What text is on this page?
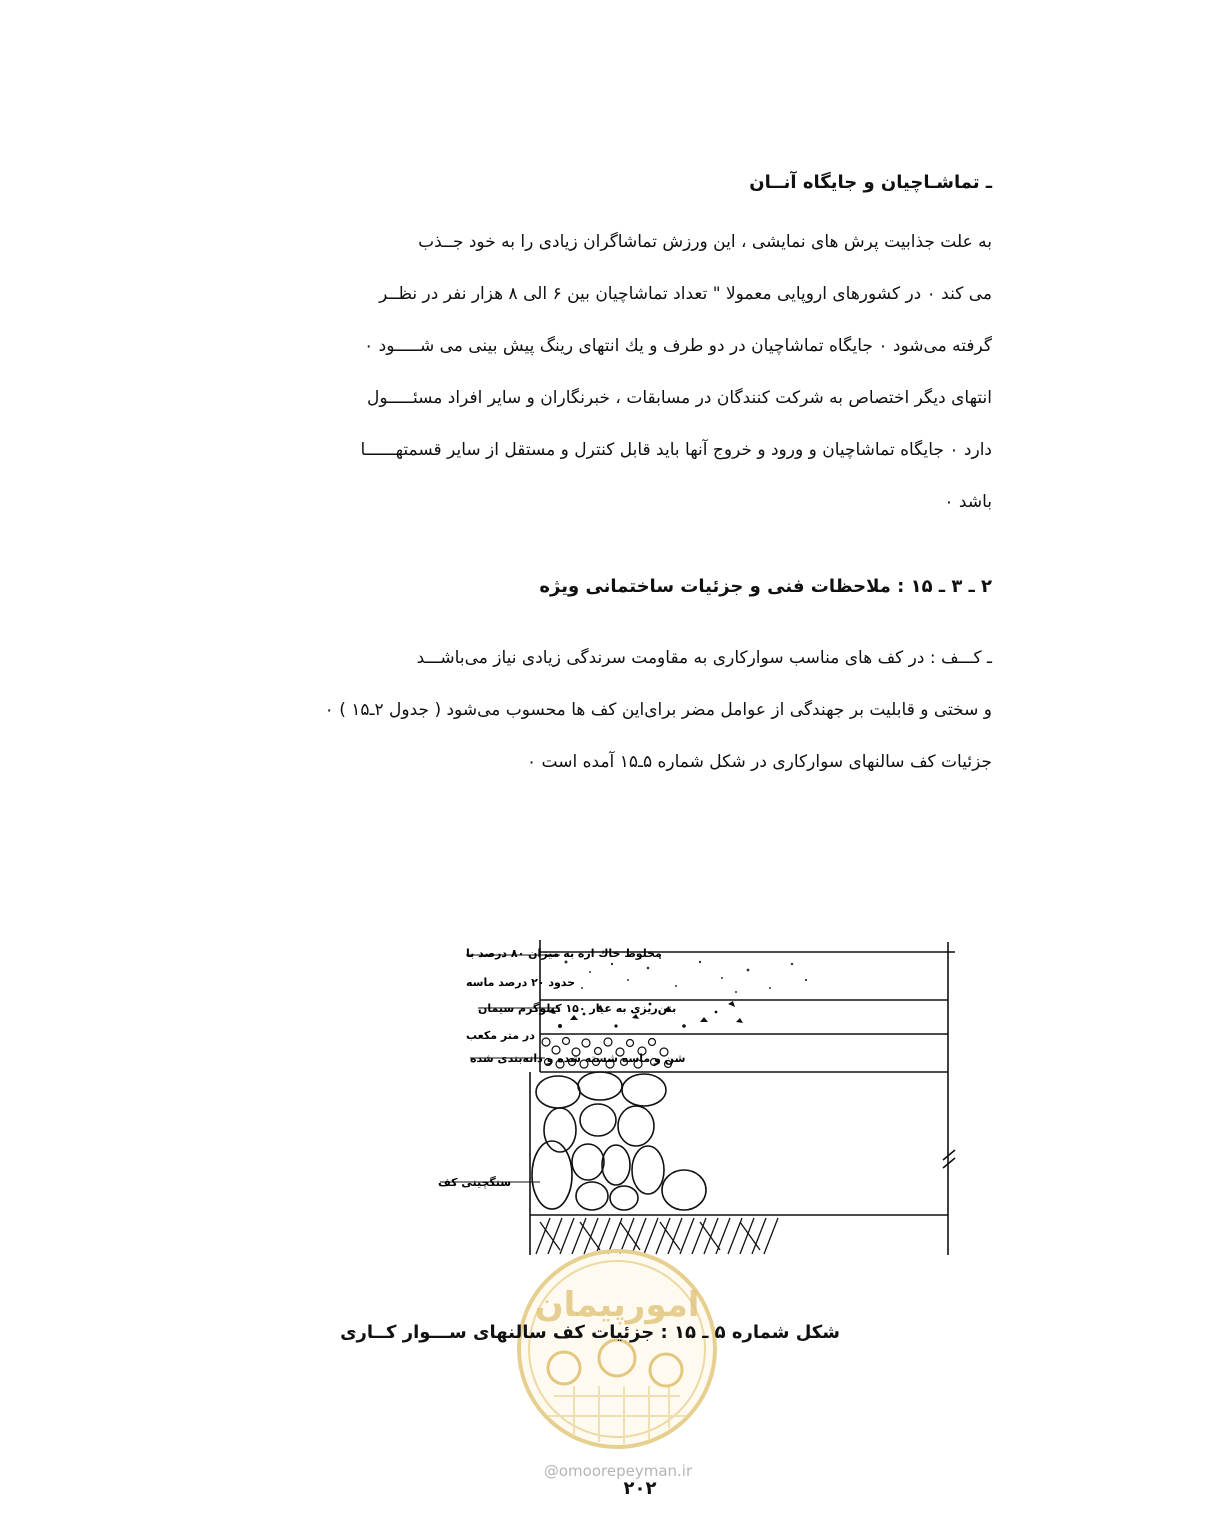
ـ تماشـاچيان و جايگاه آنــان
به علت جذابيت پرش های نمايشی ، اين ورزش تماشاگران زيادی را به خود جــذب
می کند ٠ در کشورهای اروپايی معمولا " تعداد تماشاچيان بين ۶ الی ۸ هزار نفر در نظــر
گرفته می‌شود ٠ جايگاه تماشاچيان در دو طرف و يك انتهای رينگ پيش بينی می شـــــود ٠
انتهای ديگر اختصاص به شرکت کنندگان در مسابقات ، خبرنگاران و ساير افراد مسئـــــول
دارد ٠ جايگاه تماشاچيان و ورود و خروج آنها بايد قابل کنترل و مستقل از ساير قسمتهــــــا
باشد ٠
۲ ـ ۳ ـ ۱۵ : ملاحظات فنی و جزئيات ساختمانی ويژه
ـ کـــف : در کف های مناسب سوارکاری به مقاومت سرندگی زيادی نياز می‌باشـــد
و سختی و قابليت بر جهندگی از عوامل مضر برای‌اين کف ها محسوب می‌شود ( جدول ۲ـ۱۵ ) ٠
جزئيات کف سالنهای سوارکاری در شکل شماره ۵ـ۱۵ آمده است ٠
مخلوط خاك اره به ميزان ۸۰ درصد با
حدود ۲۰ درصد ماسه
بتن‌ريزی به عيار ۱۵۰ کيلوگرم سيمان
در متر مکعب
شن و ماسه شسته شده و دانه‌بندی شده
سنگچينی کف
امورپيمان
شکل شماره ۵ ـ ۱۵ : جزئيات کف سالنهای ســـوار کــاری
@omoorepeyman.ir
۲۰۲
